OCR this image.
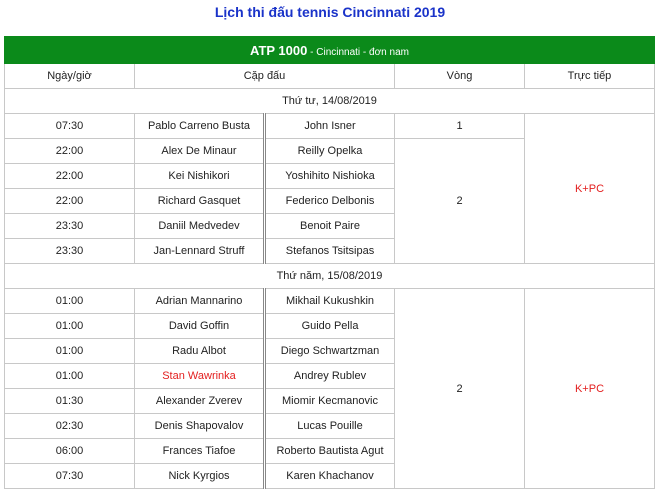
Lịch thi đấu tennis Cincinnati 2019
ATP 1000 - Cincinnati - đơn nam				
Ngày/giờ	Cặp đấu		Vòng	Trực tiếp
Thứ tư, 14/08/2019				
07:30	Pablo Carreno Busta	John Isner	1	K+PC
22:00	Alex De Minaur	Reilly Opelka	2	
22:00	Kei Nishikori	Yoshihito Nishioka		
22:00	Richard Gasquet	Federico Delbonis		
23:30	Daniil Medvedev	Benoit Paire		
23:30	Jan-Lennard Struff	Stefanos Tsitsipas		
Thứ năm, 15/08/2019				
01:00	Adrian Mannarino	Mikhail Kukushkin	2	K+PC
01:00	David Goffin	Guido Pella		
01:00	Radu Albot	Diego Schwartzman		
01:00	Stan Wawrinka	Andrey Rublev		
01:30	Alexander Zverev	Miomir Kecmanovic		
02:30	Denis Shapovalov	Lucas Pouille		
06:00	Frances Tiafoe	Roberto Bautista Agut		
07:30	Nick Kyrgios	Karen Khachanov		
